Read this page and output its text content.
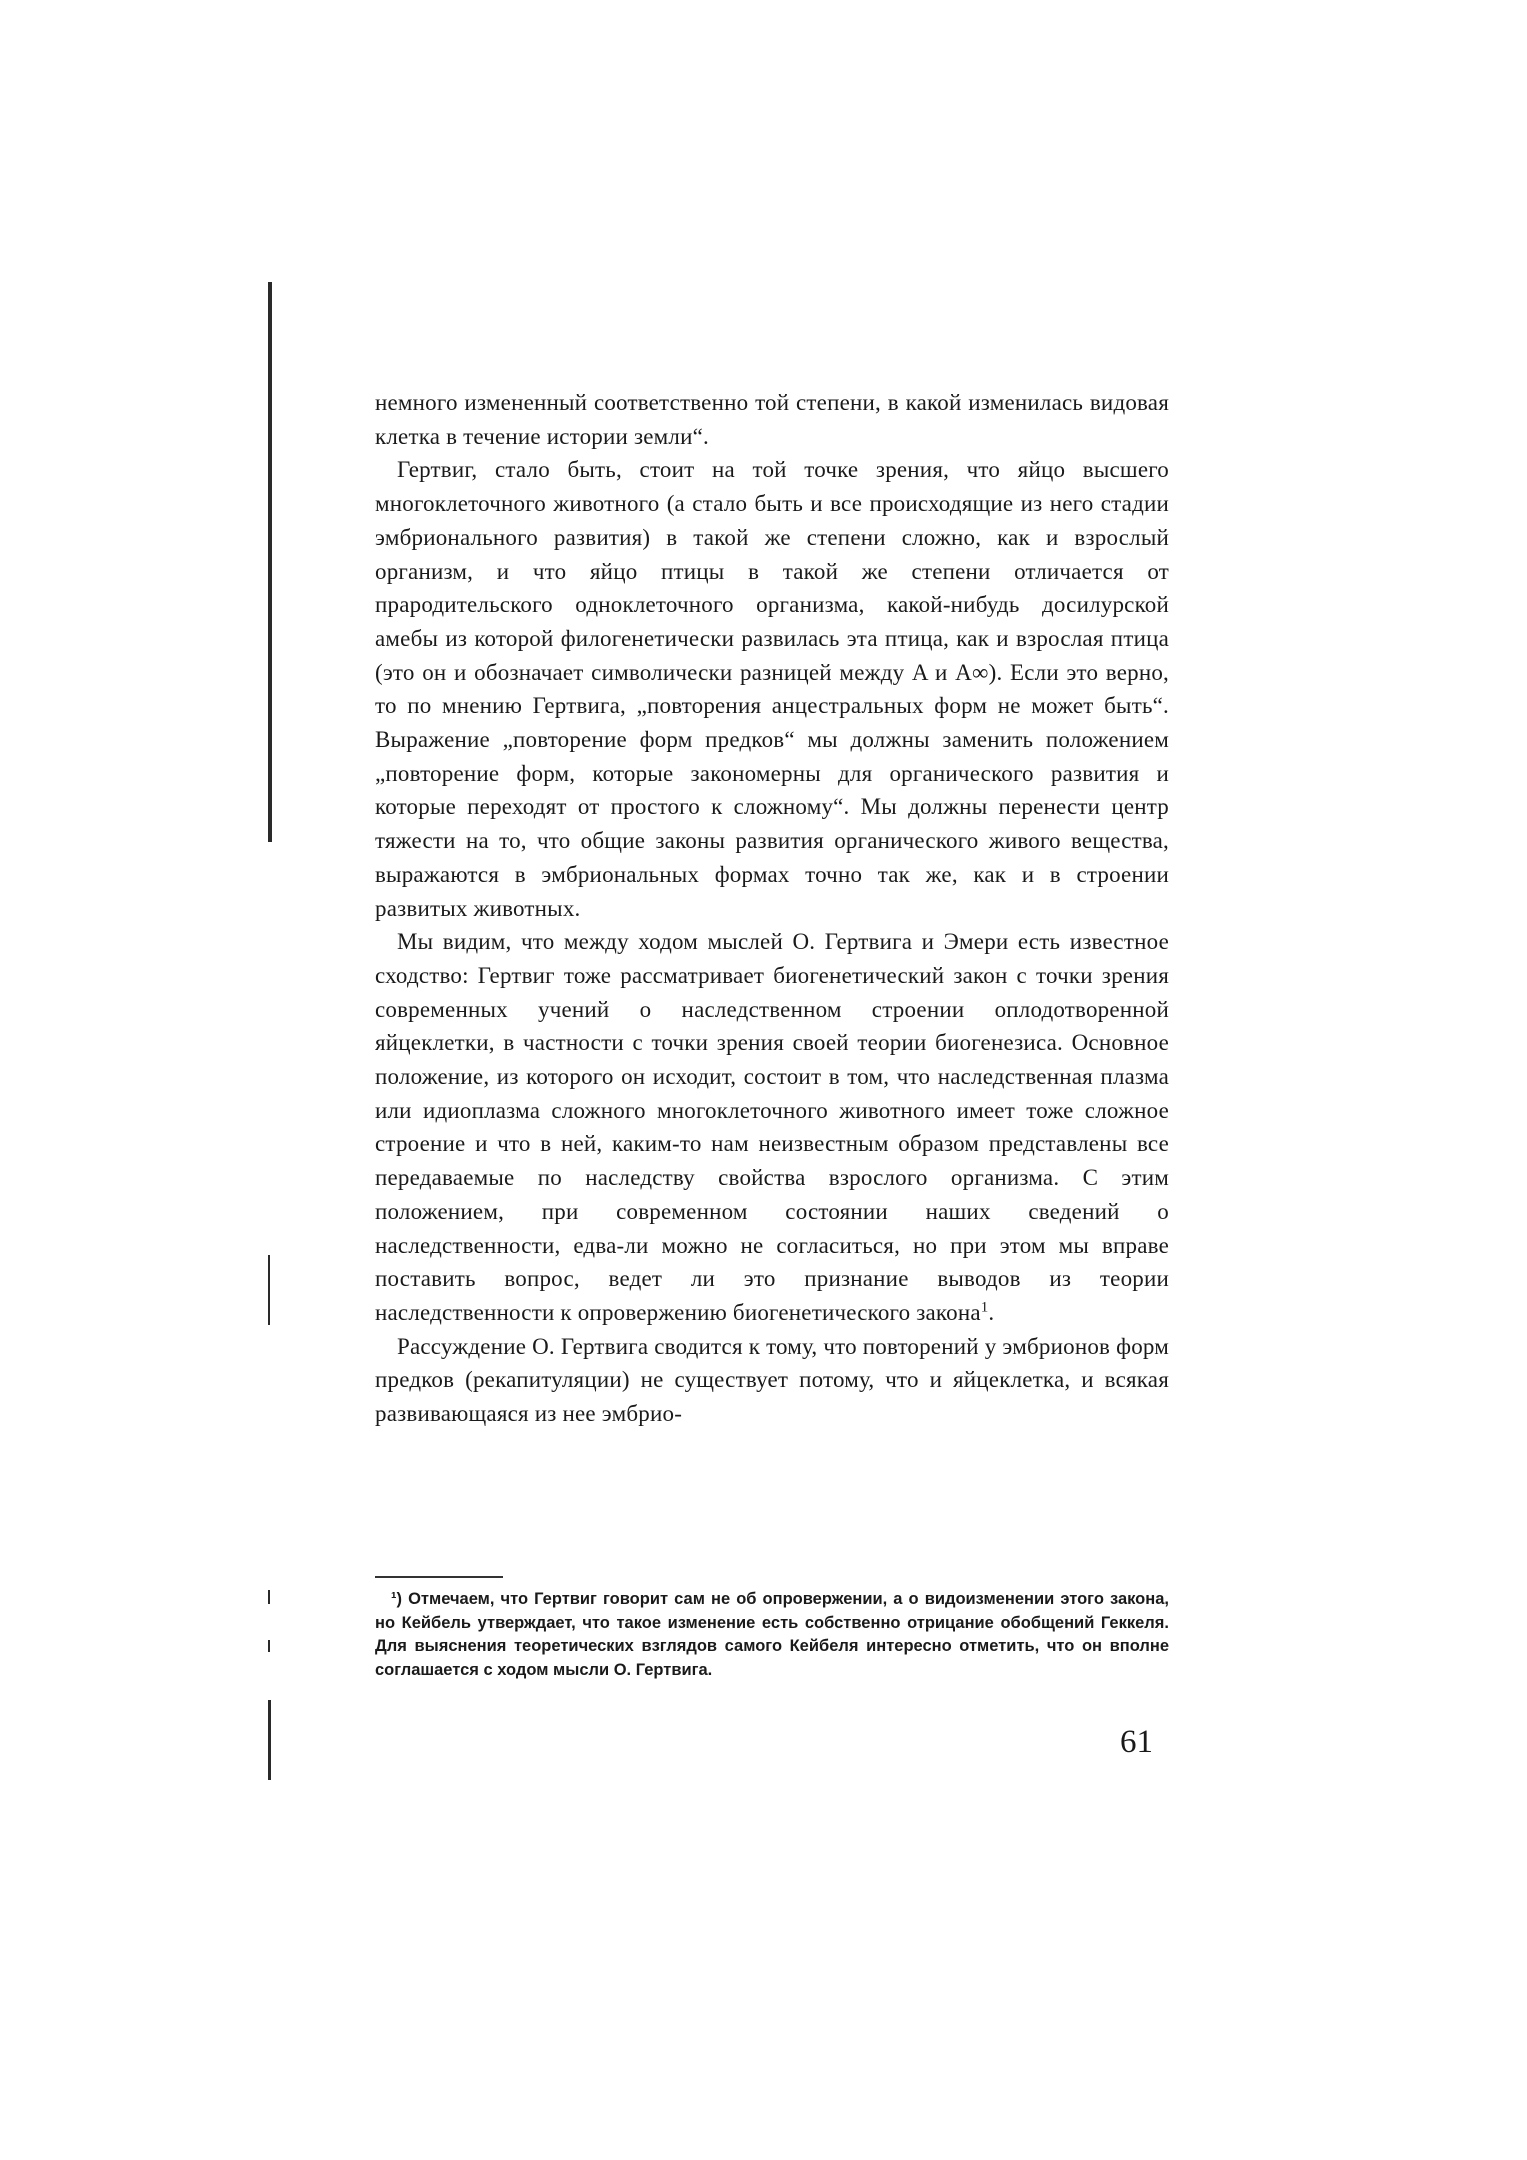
немного измененный соответственно той степени, в какой изменилась видовая клетка в течение истории земли“.

Гертвиг, стало быть, стоит на той точке зрения, что яйцо высшего многоклеточного животного (а стало быть и все происходящие из него стадии эмбрионального развития) в такой же степени сложно, как и взрослый организм, и что яйцо птицы в такой же степени отличается от прародительского одноклеточного организма, какой-нибудь досилурской амебы из которой филогенетически развилась эта птица, как и взрослая птица (это он и обозначает символически разницей между A и A∞). Если это верно, то по мнению Гертвига, „повторения анцестральных форм не может быть“. Выражение „повторение форм предков“ мы должны заменить положением „повторение форм, которые закономерны для органического развития и которые переходят от простого к сложному“. Мы должны перенести центр тяжести на то, что общие законы развития органического живого вещества, выражаются в эмбриональных формах точно так же, как и в строении развитых животных.

Мы видим, что между ходом мыслей О. Гертвига и Эмери есть известное сходство: Гертвиг тоже рассматривает биогенетический закон с точки зрения современных учений о наследственном строении оплодотворенной яйцеклетки, в частности с точки зрения своей теории биогенезиса. Основное положение, из которого он исходит, состоит в том, что наследственная плазма или идиоплазма сложного многоклеточного животного имеет тоже сложное строение и что в ней, каким-то нам неизвестным образом представлены все передаваемые по наследству свойства взрослого организма. С этим положением, при современном состоянии наших сведений о наследственности, едва-ли можно не согласиться, но при этом мы вправе поставить вопрос, ведет ли это признание выводов из теории наследственности к опровержению биогенетического закона$^1$.

Рассуждение О. Гертвига сводится к тому, что повторений у эмбрионов форм предков (рекапитуляции) не существует потому, что и яйцеклетка, и всякая развивающаяся из нее эмбрио-

¹) Отмечаем, что Гертвиг говорит сам не об опровержении, а о видоизменении этого закона, но Кейбель утверждает, что такое изменение есть собственно отрицание обобщений Геккеля. Для выяснения теоретических взглядов самого Кейбеля интересно отметить, что он вполне соглашается с ходом мысли О. Гертвига.
61
